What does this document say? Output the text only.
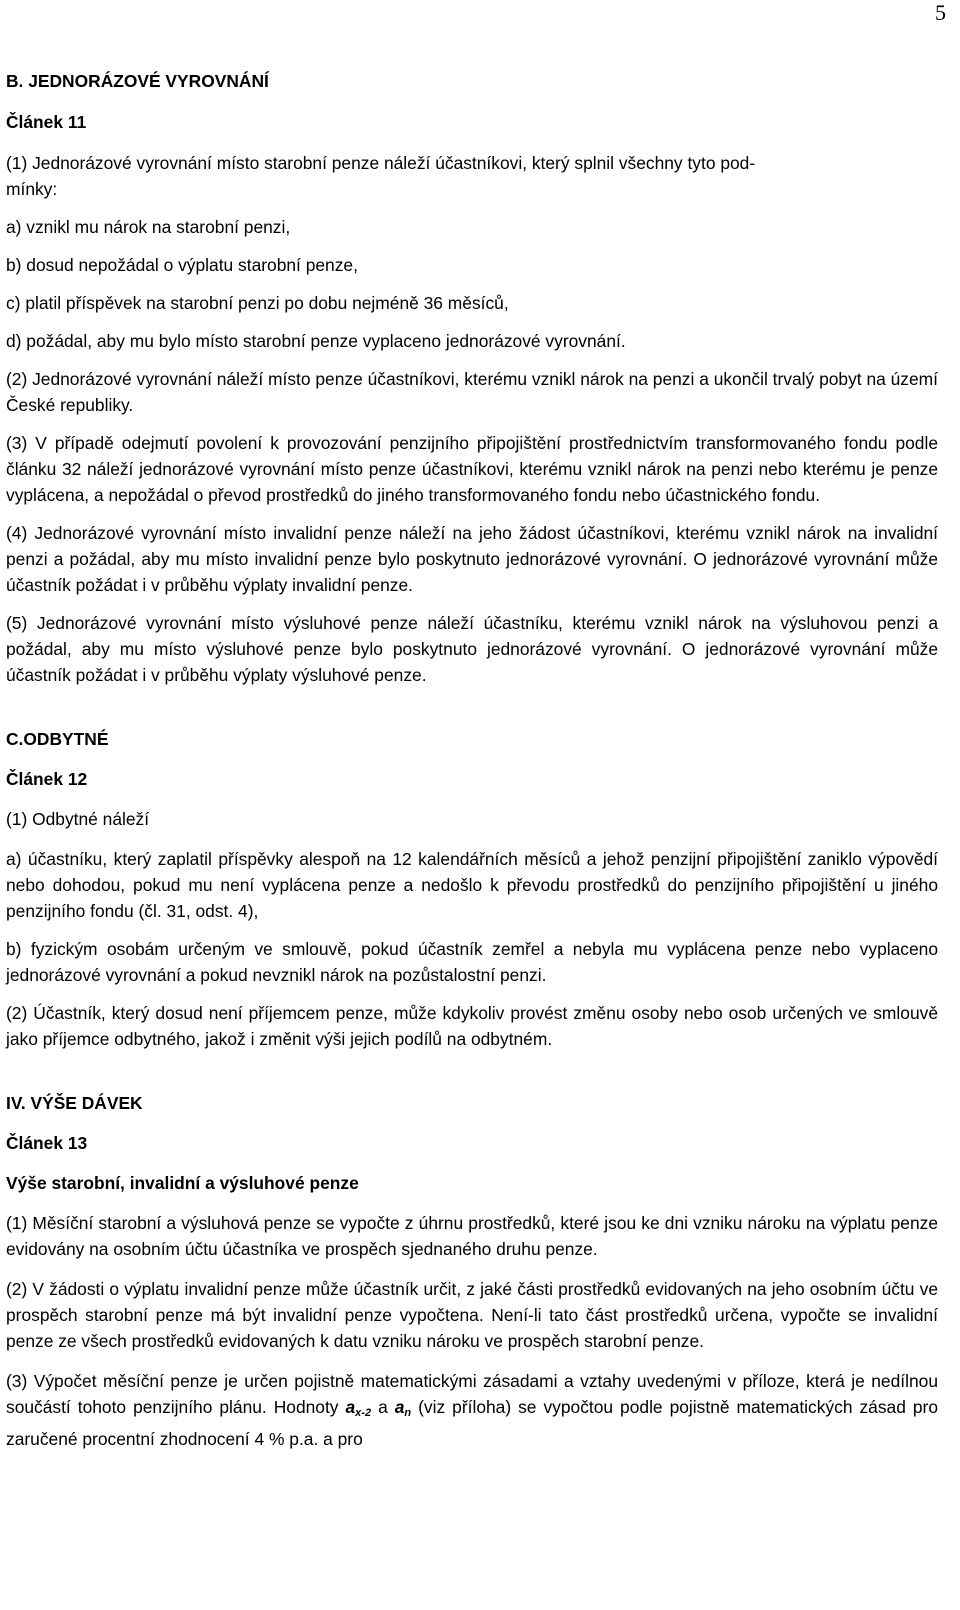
5
B. JEDNORÁZOVÉ VYROVNÁNÍ
Článek 11
(1) Jednorázové vyrovnání místo starobní penze náleží účastníkovi, který splnil všechny tyto pod-
mínky:
a) vznikl mu nárok na starobní penzi,
b) dosud nepožádal o výplatu starobní penze,
c) platil příspěvek na starobní penzi po dobu nejméně 36 měsíců,
d) požádal, aby mu bylo místo starobní penze vyplaceno jednorázové vyrovnání.
(2) Jednorázové vyrovnání náleží místo penze účastníkovi, kterému vznikl nárok na penzi a ukončil trvalý pobyt na území České republiky.
(3) V případě odejmutí povolení k provozování penzijního připojištění prostřednictvím transformovaného fondu podle článku 32 náleží jednorázové vyrovnání místo penze účastníkovi, kterému vznikl nárok na penzi nebo kterému je penze vyplácena, a nepožádal o převod prostředků do jiného transformovaného fondu nebo účastnického fondu.
(4) Jednorázové vyrovnání místo invalidní penze náleží na jeho žádost účastníkovi, kterému vznikl nárok na invalidní penzi a požádal, aby mu místo invalidní penze bylo poskytnuto jednorázové vyrovnání. O jednorázové vyrovnání může účastník požádat i v průběhu výplaty invalidní penze.
(5) Jednorázové vyrovnání místo výsluhové penze náleží účastníku, kterému vznikl nárok na výsluhovou penzi a požádal, aby mu místo výsluhové penze bylo poskytnuto jednorázové vyrovnání. O jednorázové vyrovnání může účastník požádat i v průběhu výplaty výsluhové penze.
C.ODBYTNÉ
Článek 12
(1) Odbytné náleží
a) účastníku, který zaplatil příspěvky alespoň na 12 kalendářních měsíců a jehož penzijní připojištění zaniklo výpovědí nebo dohodou, pokud mu není vyplácena penze a nedošlo k převodu prostředků do penzijního připojištění u jiného penzijního fondu (čl. 31, odst. 4),
b) fyzickým osobám určeným ve smlouvě, pokud účastník zemřel a nebyla mu vyplácena penze nebo vyplaceno jednorázové vyrovnání a pokud nevznikl nárok na pozůstalostní penzi.
(2) Účastník, který dosud není příjemcem penze, může kdykoliv provést změnu osoby nebo osob určených ve smlouvě jako příjemce odbytného, jakož i změnit výši jejich podílů na odbytném.
IV. VÝŠE DÁVEK
Článek 13
Výše starobní, invalidní a výsluhové penze
(1) Měsíční starobní a výsluhová penze se vypočte z úhrnu prostředků, které jsou ke dni vzniku nároku na výplatu penze evidovány na osobním účtu účastníka ve prospěch sjednaného druhu penze.
(2) V žádosti o výplatu invalidní penze může účastník určit, z jaké části prostředků evidovaných na jeho osobním účtu ve prospěch starobní penze má být invalidní penze vypočtena. Není-li tato část prostředků určena, vypočte se invalidní penze ze všech prostředků evidovaných k datu vzniku nároku ve prospěch starobní penze.
(3) Výpočet měsíční penze je určen pojistně matematickými zásadami a vztahy uvedenými v příloze, která je nedílnou součástí tohoto penzijního plánu. Hodnoty $a_{x-2}$ a $a_n$ (viz příloha) se vypočtou podle pojistně matematických zásad pro zaručené procentní zhodnocení 4 % p.a. a pro
